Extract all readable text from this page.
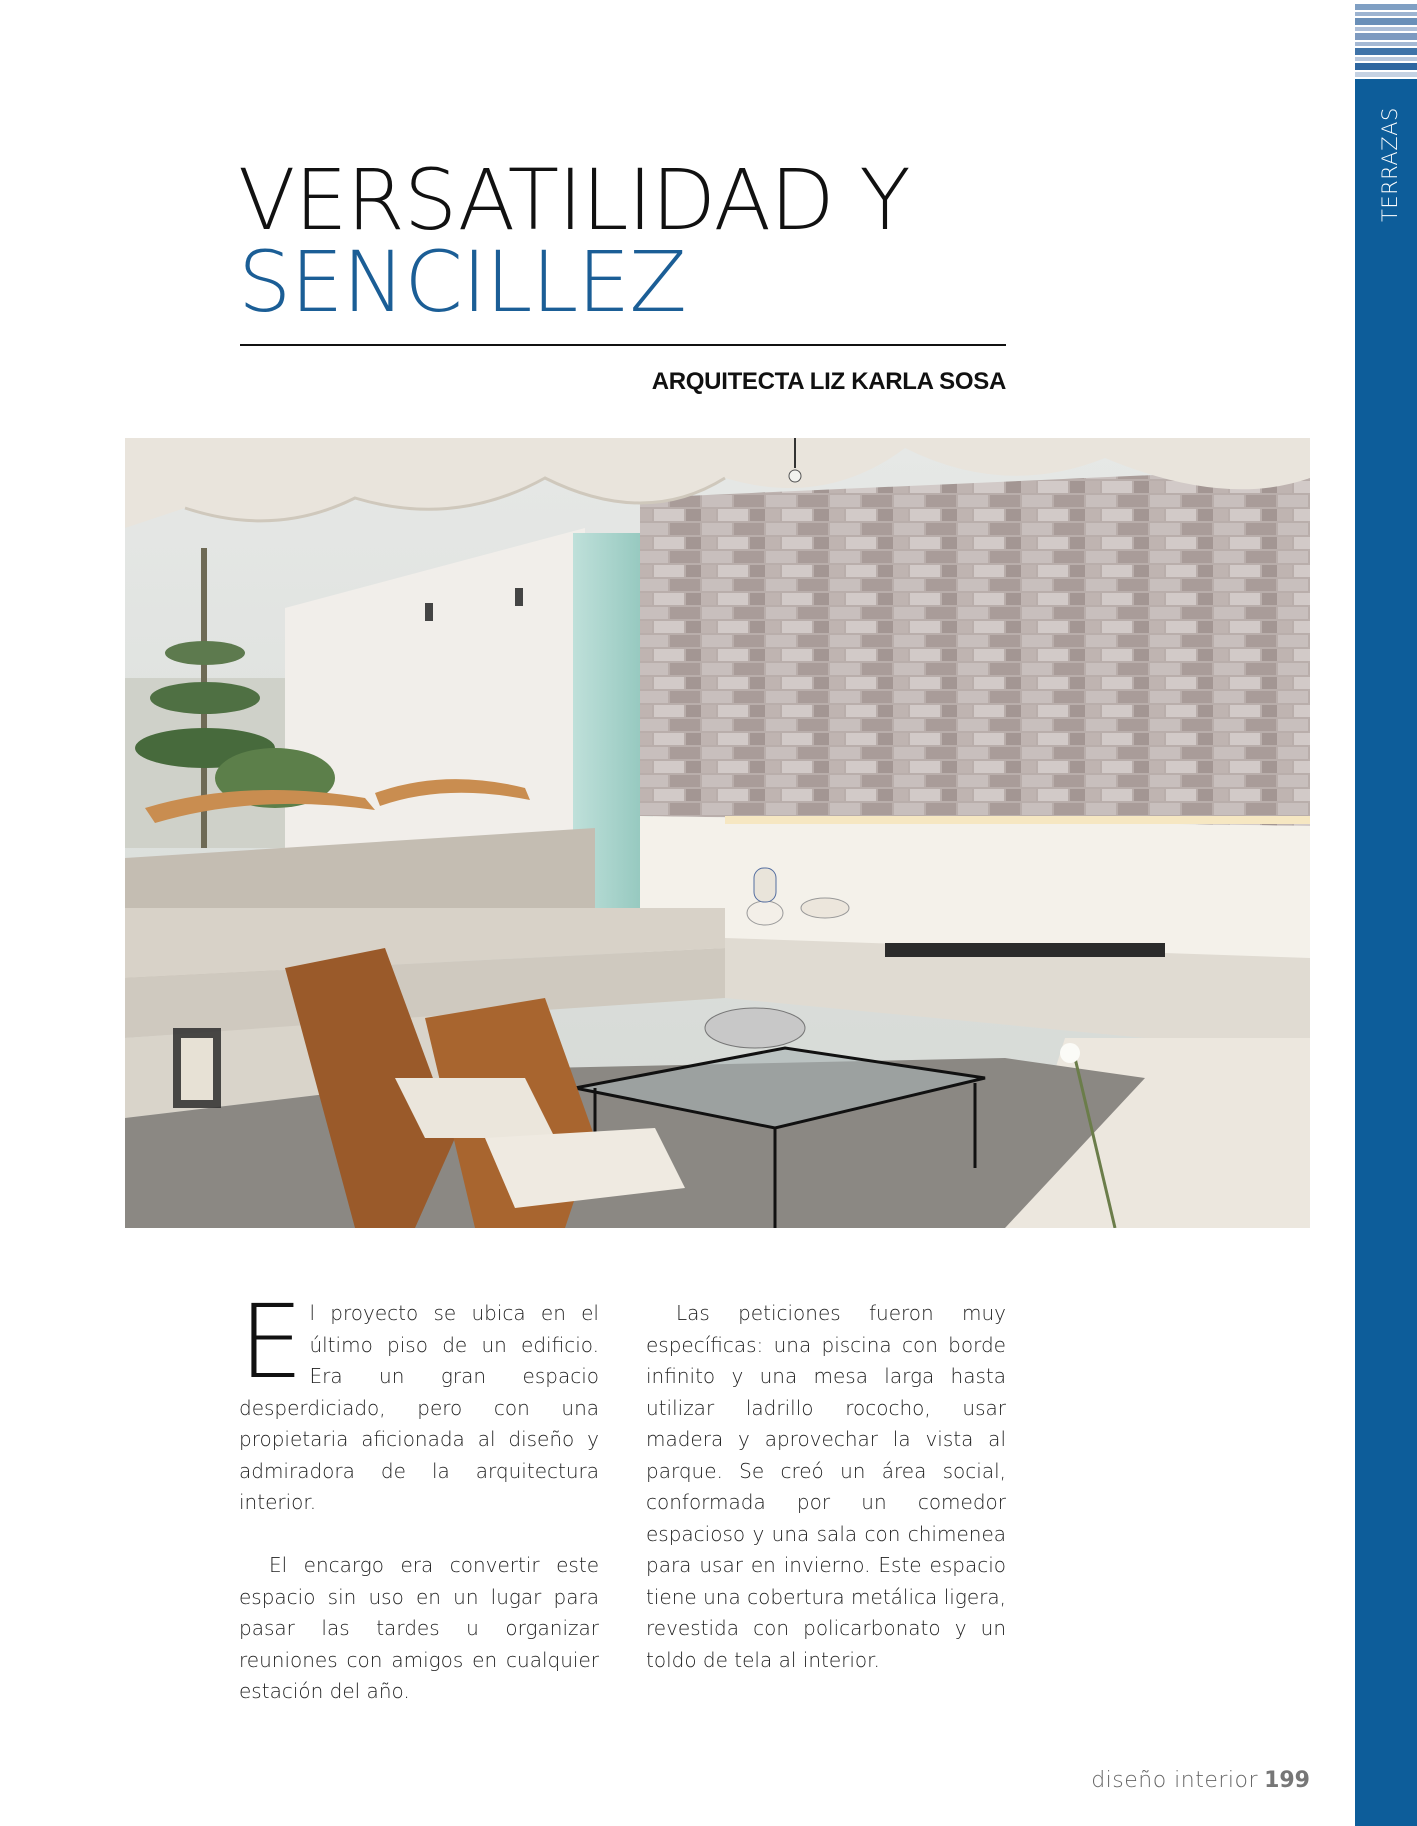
TERRAZAS
VERSATILIDAD Y
SENCILLEZ
ARQUITECTA LIZ KARLA SOSA

El proyecto se ubica en el último piso de un edificio. Era un gran espacio desperdiciado, pero con una propietaria aficionada al diseño y admiradora de la arquitectura interior.

El encargo era convertir este espacio sin uso en un lugar para pasar las tardes u organizar reuniones con amigos en cualquier estación del año.

Las peticiones fueron muy específicas: una piscina con borde infinito y una mesa larga hasta utilizar ladrillo rococho, usar madera y aprovechar la vista al parque. Se creó un área social, conformada por un comedor espacioso y una sala con chimenea para usar en invierno. Este espacio tiene una cobertura metálica ligera, revestida con policarbonato y un toldo de tela al interior.

diseño interior 199
